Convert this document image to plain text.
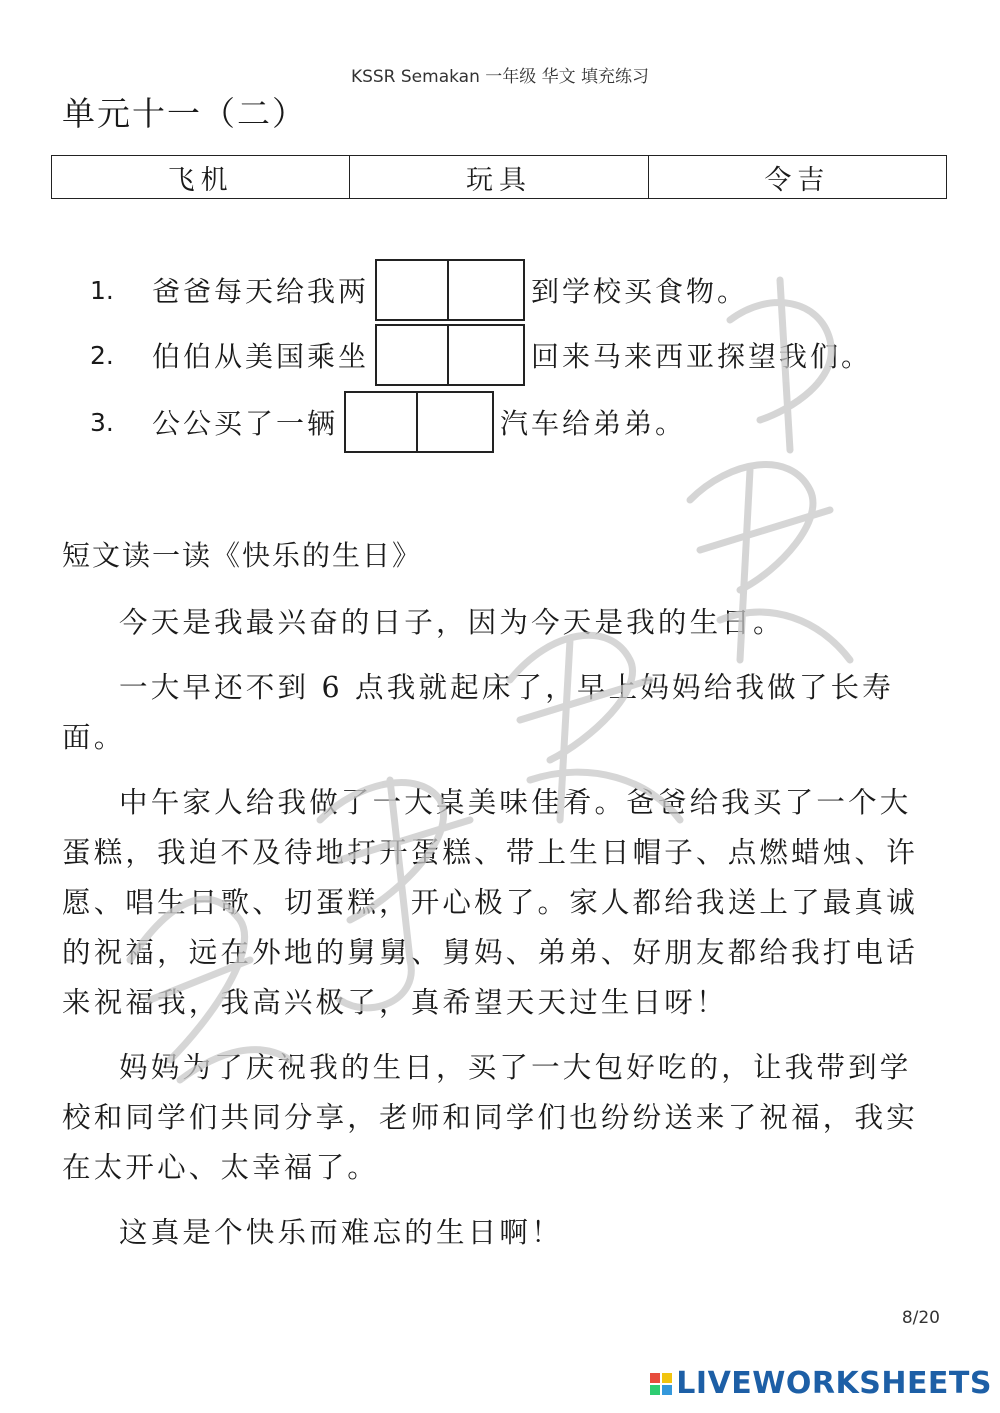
KSSR Semakan 一年级 华文 填充练习
单元十一（二）
飞机	玩具	令吉
1.	爸爸每天给我两	到学校买食物。
2.	伯伯从美国乘坐	回来马来西亚探望我们。
3.	公公买了一辆	汽车给弟弟。
短文读一读《快乐的生日》

今天是我最兴奋的日子，因为今天是我的生日。

一大早还不到 6 点我就起床了，早上妈妈给我做了长寿面。

中午家人给我做了一大桌美味佳肴。爸爸给我买了一个大蛋糕，我迫不及待地打开蛋糕、带上生日帽子、点燃蜡烛、许愿、唱生日歌、切蛋糕，开心极了。家人都给我送上了最真诚的祝福，远在外地的舅舅、舅妈、弟弟、好朋友都给我打电话来祝福我，我高兴极了，真希望天天过生日呀！

妈妈为了庆祝我的生日，买了一大包好吃的，让我带到学校和同学们共同分享，老师和同学们也纷纷送来了祝福，我实在太开心、太幸福了。

这真是个快乐而难忘的生日啊！

8/20
LIVEWORKSHEETS
